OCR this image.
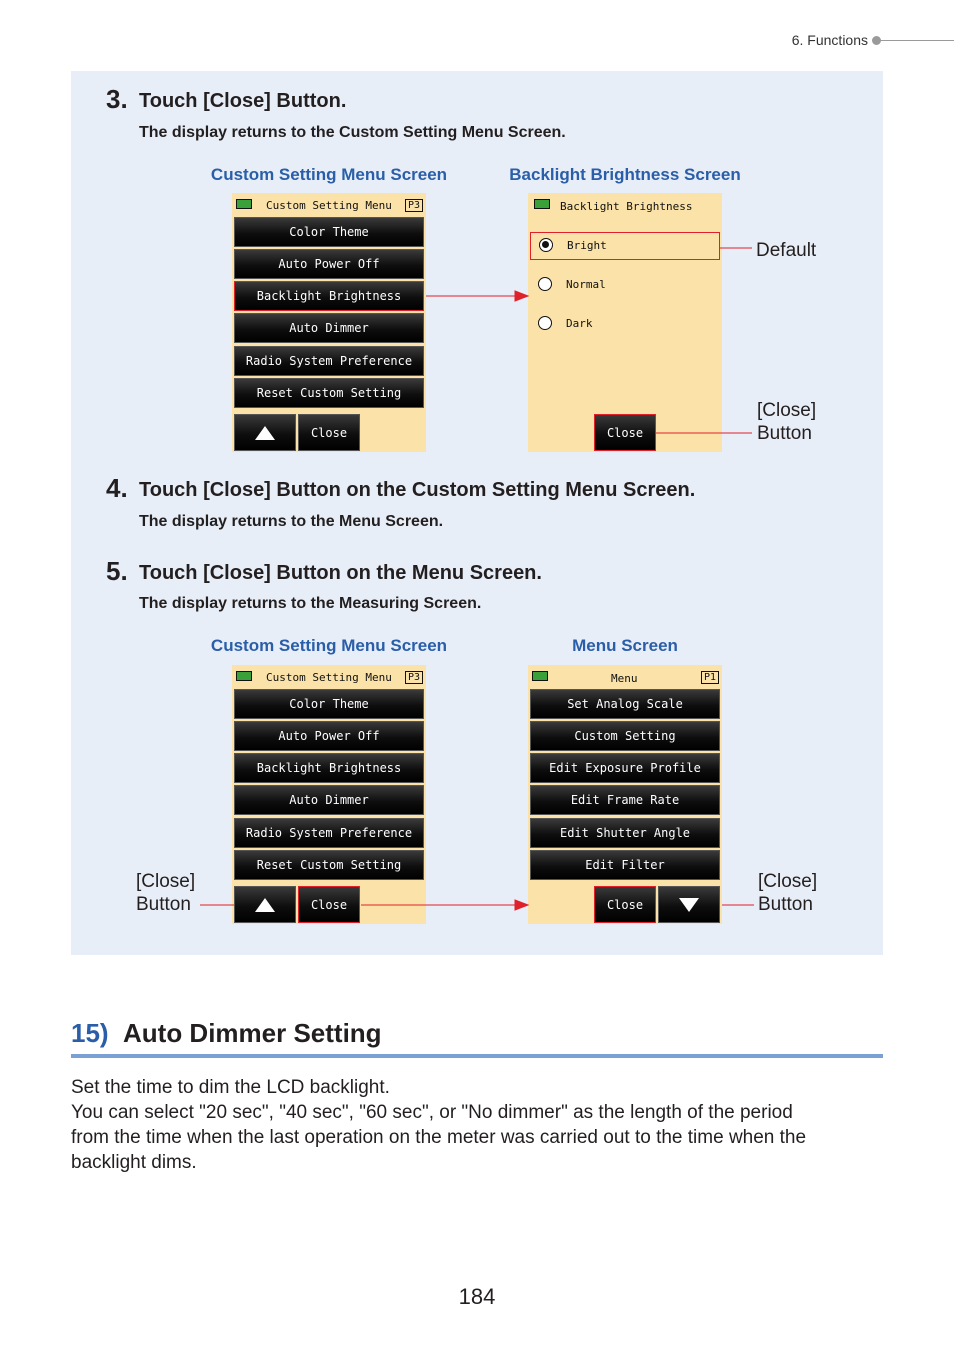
6. Functions
3. Touch [Close] Button.
The display returns to the Custom Setting Menu Screen.
Custom Setting Menu Screen	Backlight Brightness Screen
Custom Setting Menu	P3
Color Theme
Auto Power Off
Backlight Brightness
Auto Dimmer
Radio System Preference
Reset Custom Setting
Close
Backlight Brightness
Bright
Normal
Dark
Close
Default
[Close]
Button
4. Touch [Close] Button on the Custom Setting Menu Screen.
The display returns to the Menu Screen.
5. Touch [Close] Button on the Menu Screen.
The display returns to the Measuring Screen.
Custom Setting Menu Screen	Menu Screen
Custom Setting Menu	P3
Color Theme
Auto Power Off
Backlight Brightness
Auto Dimmer
Radio System Preference
Reset Custom Setting
Close
Menu	P1
Set Analog Scale
Custom Setting
Edit Exposure Profile
Edit Frame Rate
Edit Shutter Angle
Edit Filter
Close
[Close]
Button
[Close]
Button
15) Auto Dimmer Setting
Set the time to dim the LCD backlight.
You can select "20 sec", "40 sec", "60 sec", or "No dimmer" as the length of the period
from the time when the last operation on the meter was carried out to the time when the
backlight dims.
184
